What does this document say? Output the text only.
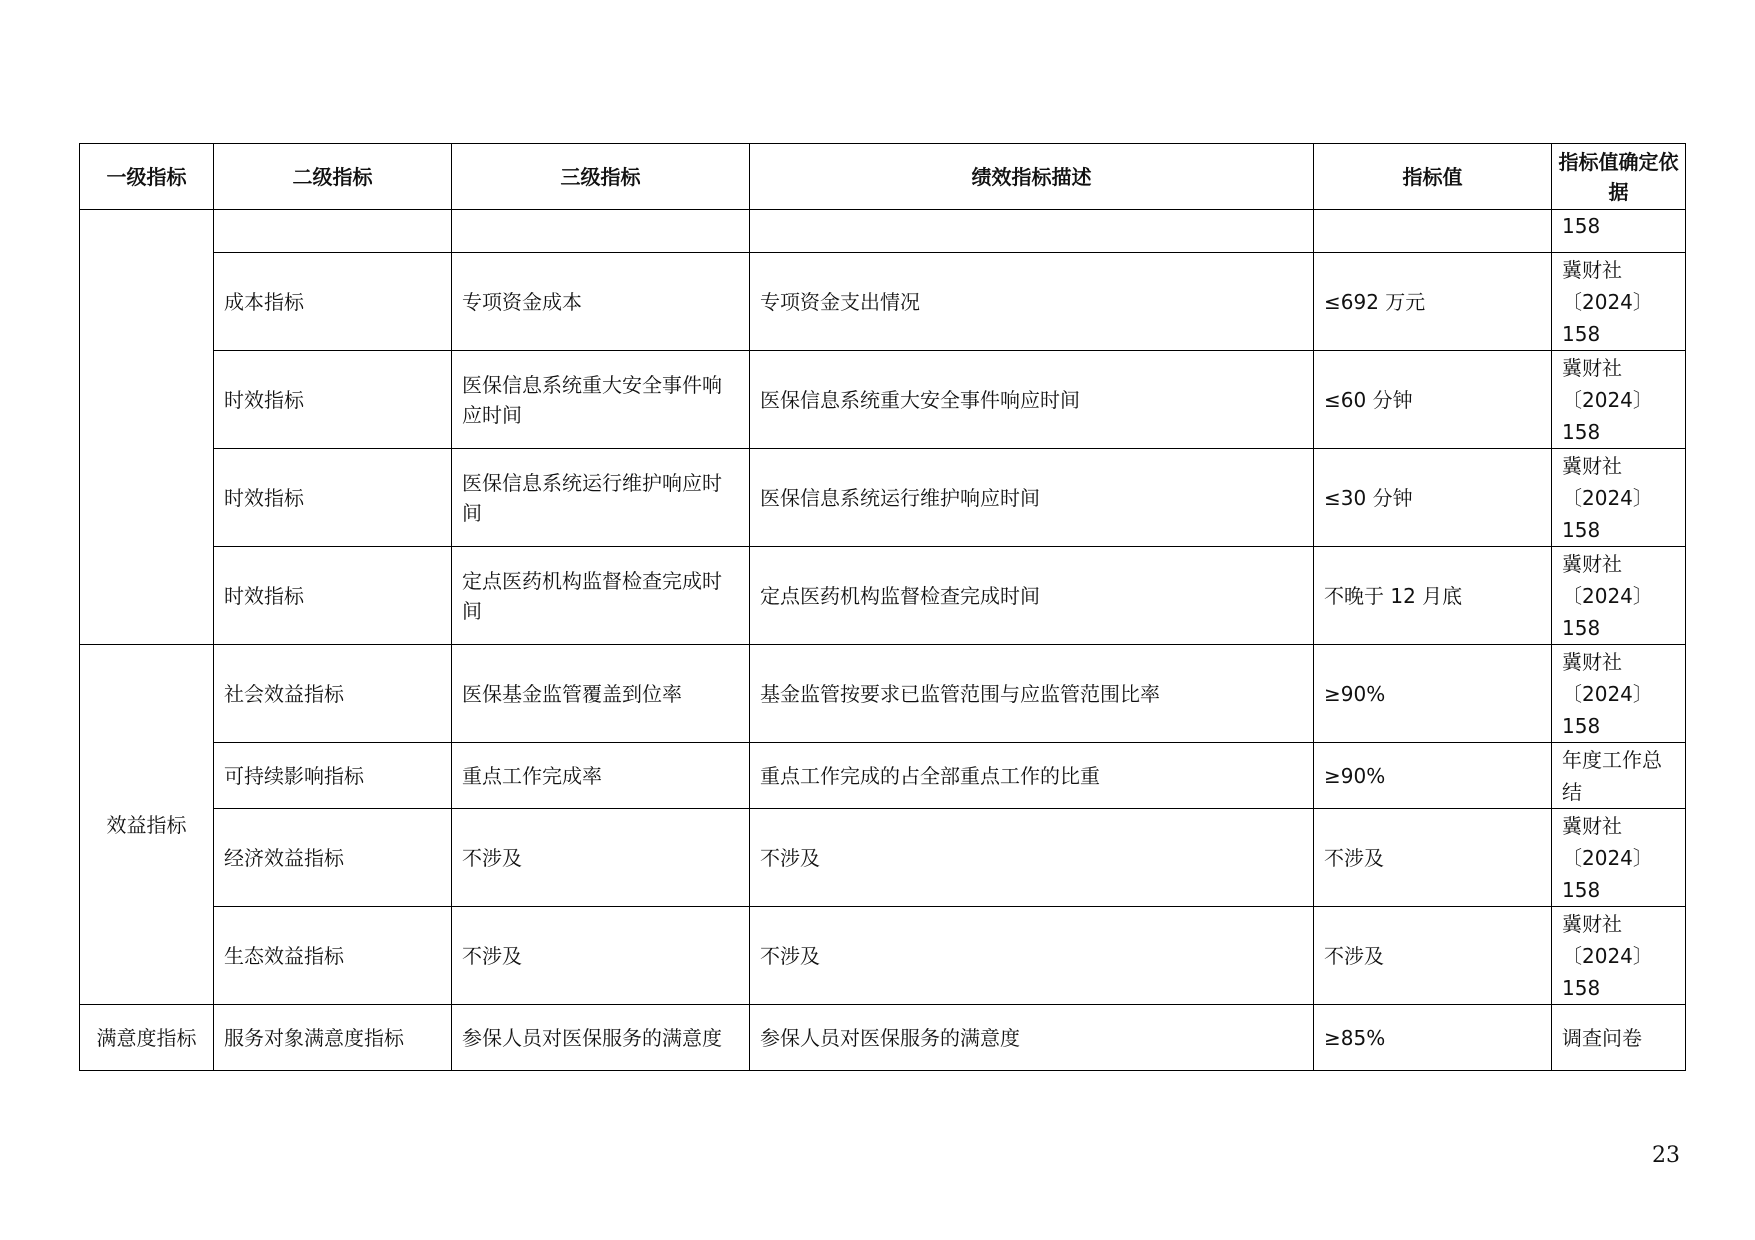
一级指标	二级指标	三级指标	绩效指标描述	指标值	指标值确定依据

					158

	成本指标	专项资金成本	专项资金支出情况	≤692 万元	冀财社
〔2024〕
158

	时效指标	医保信息系统重大安全事件响应时间	医保信息系统重大安全事件响应时间	≤60 分钟	冀财社
〔2024〕
158

	时效指标	医保信息系统运行维护响应时间	医保信息系统运行维护响应时间	≤30 分钟	冀财社
〔2024〕
158

	时效指标	定点医药机构监督检查完成时间	定点医药机构监督检查完成时间	不晚于 12 月底	冀财社
〔2024〕
158

效益指标	社会效益指标	医保基金监管覆盖到位率	基金监管按要求已监管范围与应监管范围比率	≥90%	冀财社
〔2024〕
158

	可持续影响指标	重点工作完成率	重点工作完成的占全部重点工作的比重	≥90%	年度工作总
结

	经济效益指标	不涉及	不涉及	不涉及	冀财社
〔2024〕
158

	生态效益指标	不涉及	不涉及	不涉及	冀财社
〔2024〕
158

满意度指标	服务对象满意度指标	参保人员对医保服务的满意度	参保人员对医保服务的满意度	≥85%	调查问卷
23
